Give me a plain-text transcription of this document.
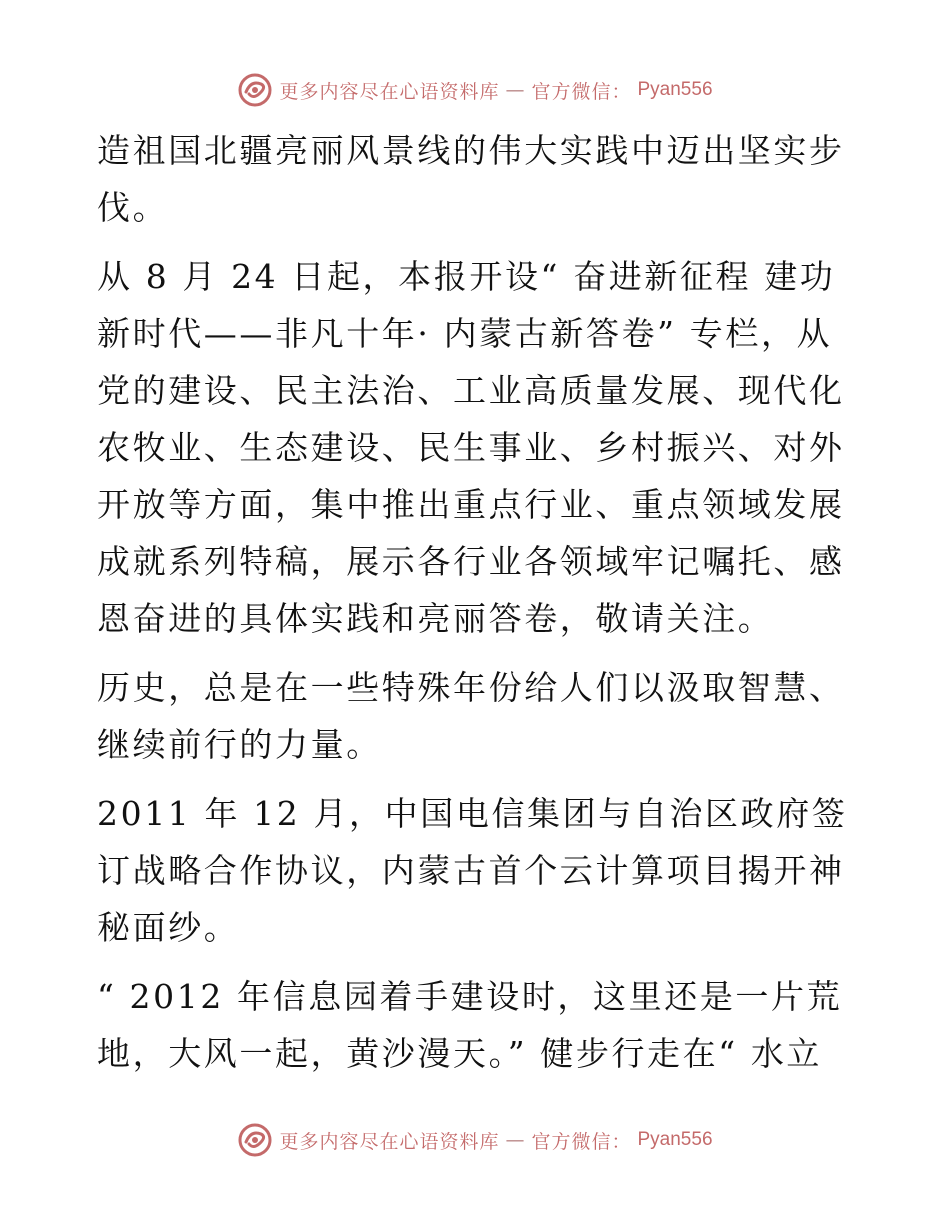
更多内容尽在心语资料库 — 官方微信： Pyan556

造祖国北疆亮丽风景线的伟大实践中迈出坚实步伐。

从 8 月 24 日起，本报开设“ 奋进新征程 建功新时代——非凡十年· 内蒙古新答卷” 专栏，从党的建设、民主法治、工业高质量发展、现代化农牧业、生态建设、民生事业、乡村振兴、对外开放等方面，集中推出重点行业、重点领域发展成就系列特稿，展示各行业各领域牢记嘱托、感恩奋进的具体实践和亮丽答卷，敬请关注。

历史，总是在一些特殊年份给人们以汲取智慧、继续前行的力量。

2011 年 12 月，中国电信集团与自治区政府签订战略合作协议，内蒙古首个云计算项目揭开神秘面纱。

“ 2012 年信息园着手建设时，这里还是一片荒地，大风一起，黄沙漫天。” 健步行走在“ 水立

更多内容尽在心语资料库 — 官方微信： Pyan556
